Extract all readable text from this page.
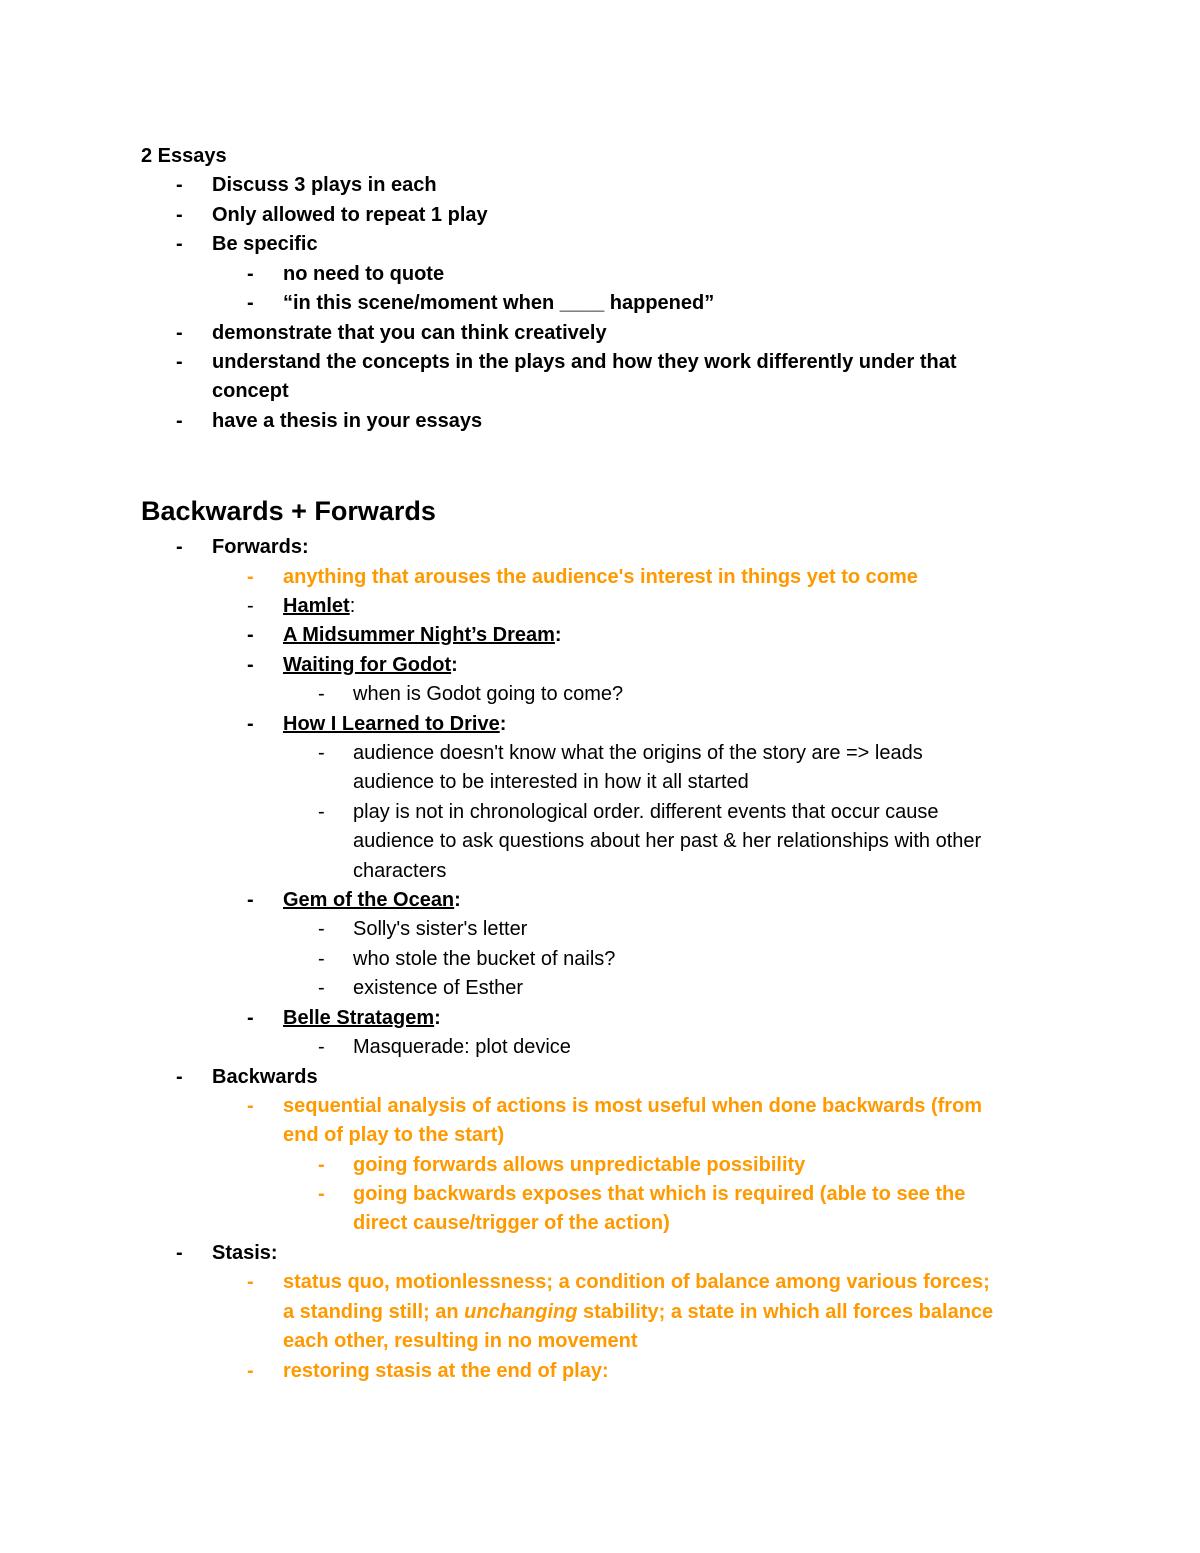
2 Essays
- Discuss 3 plays in each
- Only allowed to repeat 1 play
- Be specific
- no need to quote
- “in this scene/moment when ____ happened”
- demonstrate that you can think creatively
- understand the concepts in the plays and how they work differently under that
concept
- have a thesis in your essays
Backwards + Forwards
- Forwards:
- anything that arouses the audience's interest in things yet to come
- Hamlet:
- A Midsummer Night’s Dream:
- Waiting for Godot:
- when is Godot going to come?
- How I Learned to Drive:
- audience doesn't know what the origins of the story are => leads
audience to be interested in how it all started
- play is not in chronological order. different events that occur cause
audience to ask questions about her past & her relationships with other
characters
- Gem of the Ocean:
- Solly's sister's letter
- who stole the bucket of nails?
- existence of Esther
- Belle Stratagem:
- Masquerade: plot device
- Backwards
- sequential analysis of actions is most useful when done backwards (from
end of play to the start)
- going forwards allows unpredictable possibility
- going backwards exposes that which is required (able to see the
direct cause/trigger of the action)
- Stasis:
- status quo, motionlessness; a condition of balance among various forces;
a standing still; an unchanging stability; a state in which all forces balance
each other, resulting in no movement
- restoring stasis at the end of play:
